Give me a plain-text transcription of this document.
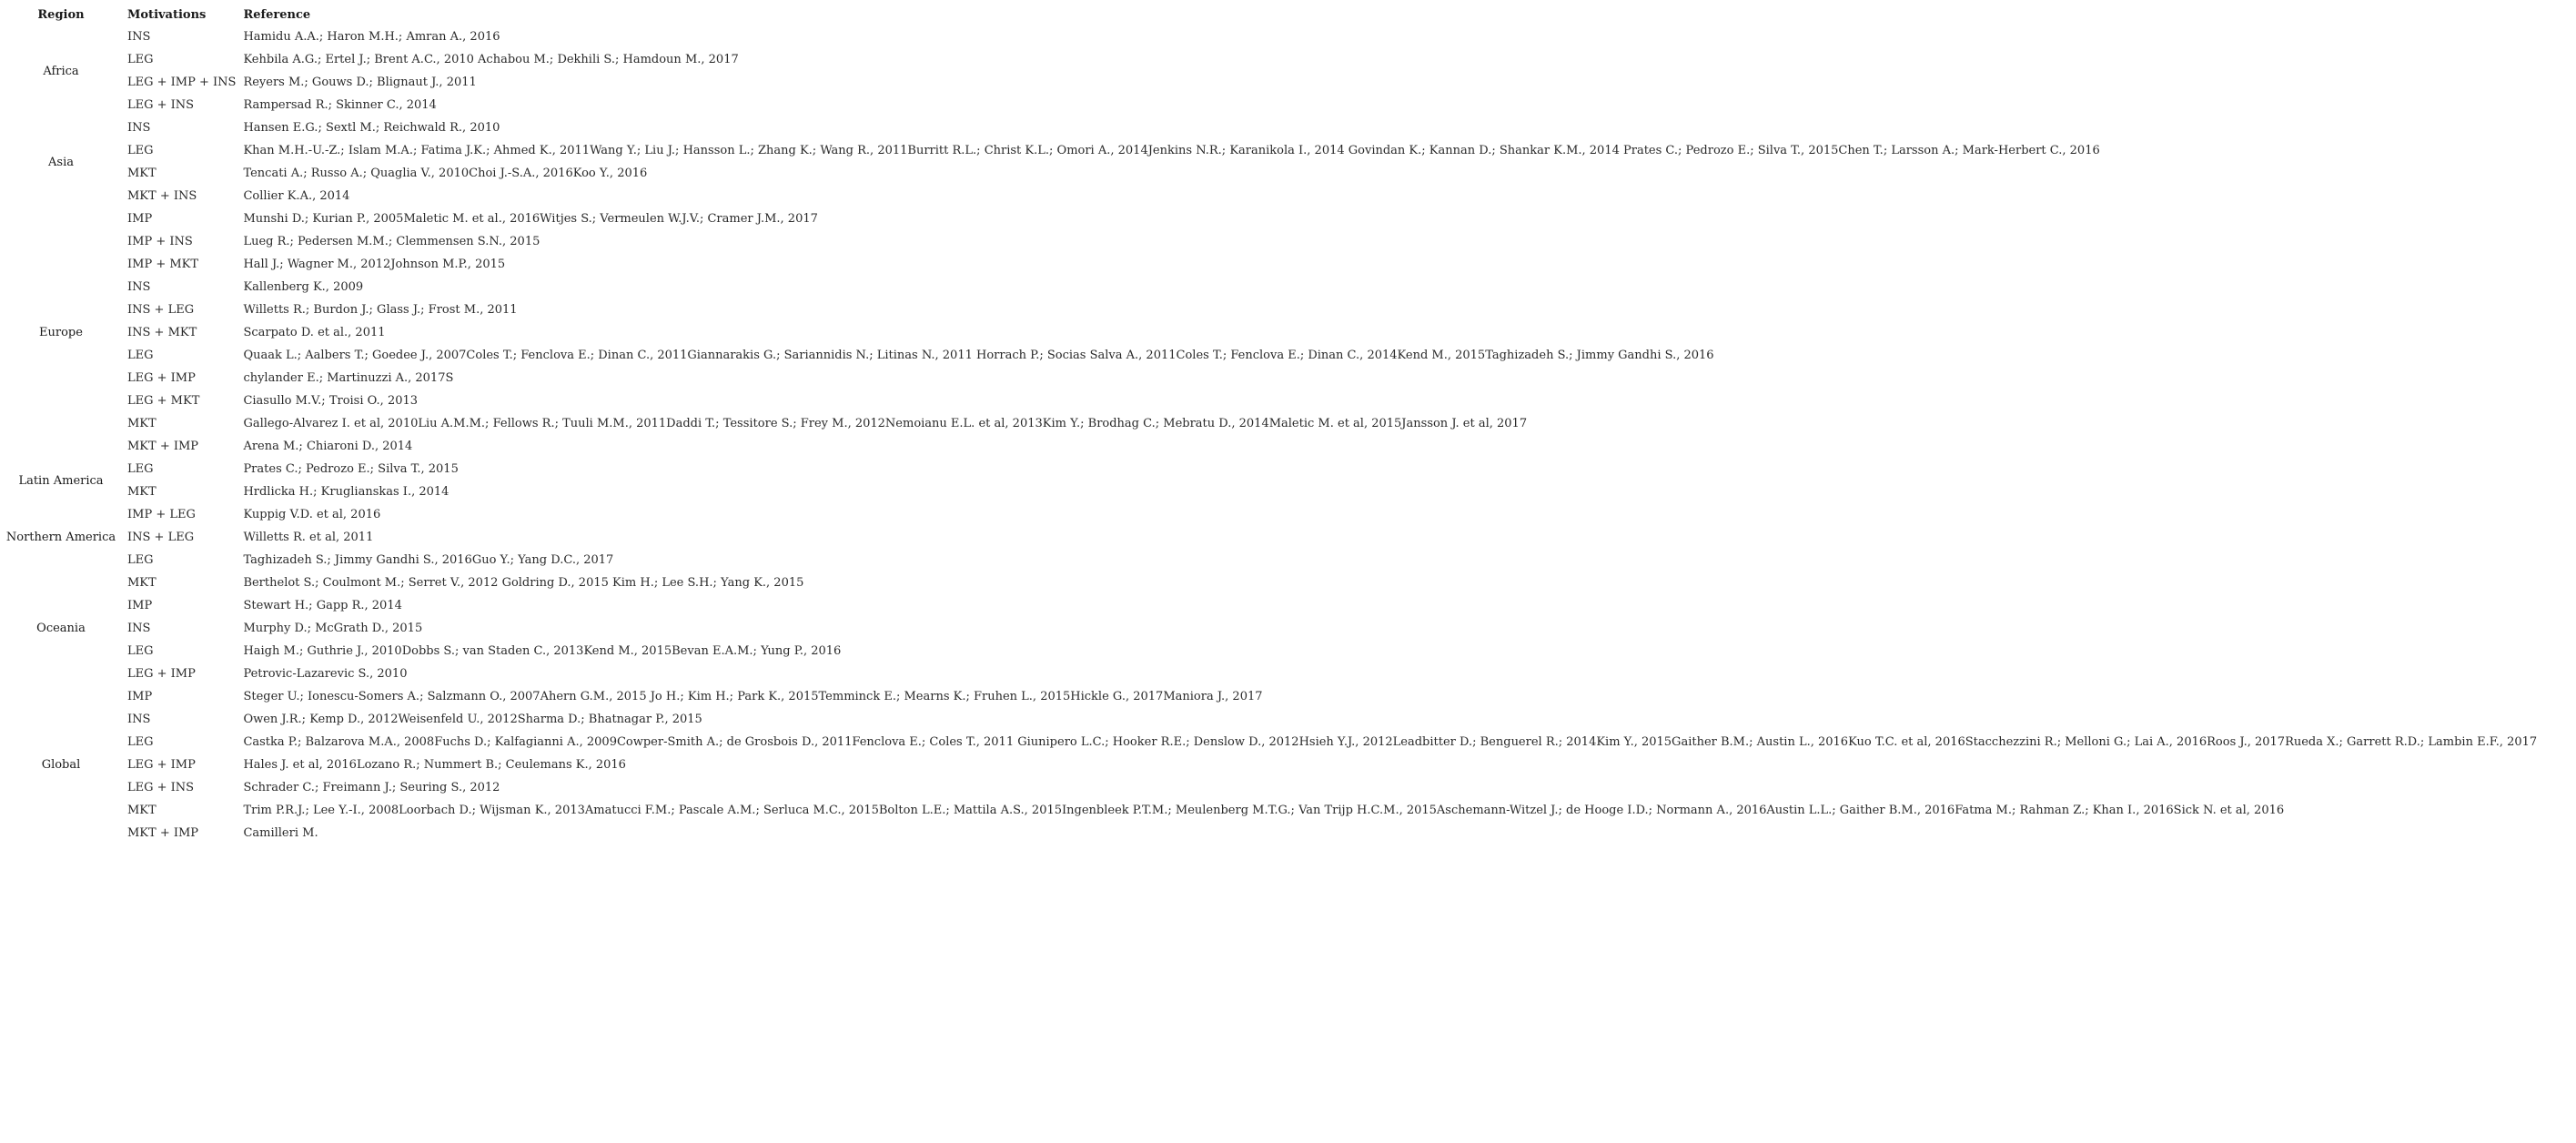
Region	Motivations	Reference
Africa	INS	Hamidu A.A.; Haron M.H.; Amran A., 2016
	LEG	Kehbila A.G.; Ertel J.; Brent A.C., 2010 Achabou M.; Dekhili S.; Hamdoun M., 2017
	LEG + IMP + INS	Reyers M.; Gouws D.; Blignaut J., 2011
	LEG + INS	Rampersad R.; Skinner C., 2014
Asia	INS	Hansen E.G.; Sextl M.; Reichwald R., 2010
	LEG	Khan M.H.-U.-Z.; Islam M.A.; Fatima J.K.; Ahmed K., 2011Wang Y.; Liu J.; Hansson L.; Zhang K.; Wang R., 2011Burritt R.L.; Christ K.L.; Omori A., 2014Jenkins N.R.; Karanikola I., 2014 Govindan K.; Kannan D.; Shankar K.M., 2014 Prates C.; Pedrozo E.; Silva T., 2015Chen T.; Larsson A.; Mark-Herbert C., 2016
	MKT	Tencati A.; Russo A.; Quaglia V., 2010Choi J.-S.A., 2016Koo Y., 2016
	MKT + INS	Collier K.A., 2014
Europe	IMP	Munshi D.; Kurian P., 2005Maletic M. et al., 2016Witjes S.; Vermeulen W.J.V.; Cramer J.M., 2017
	IMP + INS	Lueg R.; Pedersen M.M.; Clemmensen S.N., 2015
	IMP + MKT	Hall J.; Wagner M., 2012Johnson M.P., 2015
	INS	Kallenberg K., 2009
	INS + LEG	Willetts R.; Burdon J.; Glass J.; Frost M., 2011
	INS + MKT	Scarpato D. et al., 2011
	LEG	Quaak L.; Aalbers T.; Goedee J., 2007Coles T.; Fenclova E.; Dinan C., 2011Giannarakis G.; Sariannidis N.; Litinas N., 2011 Horrach P.; Socias Salva A., 2011Coles T.; Fenclova E.; Dinan C., 2014Kend M., 2015Taghizadeh S.; Jimmy Gandhi S., 2016
	LEG + IMP	chylander E.; Martinuzzi A., 2017S
	LEG + MKT	Ciasullo M.V.; Troisi O., 2013
	MKT	Gallego-Alvarez I. et al, 2010Liu A.M.M.; Fellows R.; Tuuli M.M., 2011Daddi T.; Tessitore S.; Frey M., 2012Nemoianu E.L. et al, 2013Kim Y.; Brodhag C.; Mebratu D., 2014Maletic M. et al, 2015Jansson J. et al, 2017
	MKT + IMP	Arena M.; Chiaroni D., 2014
Latin America	LEG	Prates C.; Pedrozo E.; Silva T., 2015
	MKT	Hrdlicka H.; Kruglianskas I., 2014
Northern America	IMP + LEG	Kuppig V.D. et al, 2016
	INS + LEG	Willetts R. et al, 2011
	LEG	Taghizadeh S.; Jimmy Gandhi S., 2016Guo Y.; Yang D.C., 2017
Oceania	MKT	Berthelot S.; Coulmont M.; Serret V., 2012 Goldring D., 2015 Kim H.; Lee S.H.; Yang K., 2015
	IMP	Stewart H.; Gapp R., 2014
	INS	Murphy D.; McGrath D., 2015
	LEG	Haigh M.; Guthrie J., 2010Dobbs S.; van Staden C., 2013Kend M., 2015Bevan E.A.M.; Yung P., 2016
	LEG + IMP	Petrovic-Lazarevic S., 2010
Global	IMP	Steger U.; Ionescu-Somers A.; Salzmann O., 2007Ahern G.M., 2015 Jo H.; Kim H.; Park K., 2015Temminck E.; Mearns K.; Fruhen L., 2015Hickle G., 2017Maniora J., 2017
	INS	Owen J.R.; Kemp D., 2012Weisenfeld U., 2012Sharma D.; Bhatnagar P., 2015
	LEG	Castka P.; Balzarova M.A., 2008Fuchs D.; Kalfagianni A., 2009Cowper-Smith A.; de Grosbois D., 2011Fenclova E.; Coles T., 2011 Giunipero L.C.; Hooker R.E.; Denslow D., 2012Hsieh Y.J., 2012Leadbitter D.; Benguerel R.; 2014Kim Y., 2015Gaither B.M.; Austin L., 2016Kuo T.C. et al, 2016Stacchezzini R.; Melloni G.; Lai A., 2016Roos J., 2017Rueda X.; Garrett R.D.; Lambin E.F., 2017
	LEG + IMP	Hales J. et al, 2016Lozano R.; Nummert B.; Ceulemans K., 2016
	LEG + INS	Schrader C.; Freimann J.; Seuring S., 2012
	MKT	Trim P.R.J.; Lee Y.-I., 2008Loorbach D.; Wijsman K., 2013Amatucci F.M.; Pascale A.M.; Serluca M.C., 2015Bolton L.E.; Mattila A.S., 2015Ingenbleek P.T.M.; Meulenberg M.T.G.; Van Trijp H.C.M., 2015Aschemann-Witzel J.; de Hooge I.D.; Normann A., 2016Austin L.L.; Gaither B.M., 2016Fatma M.; Rahman Z.; Khan I., 2016Sick N. et al, 2016
	MKT + IMP	Camilleri M.
